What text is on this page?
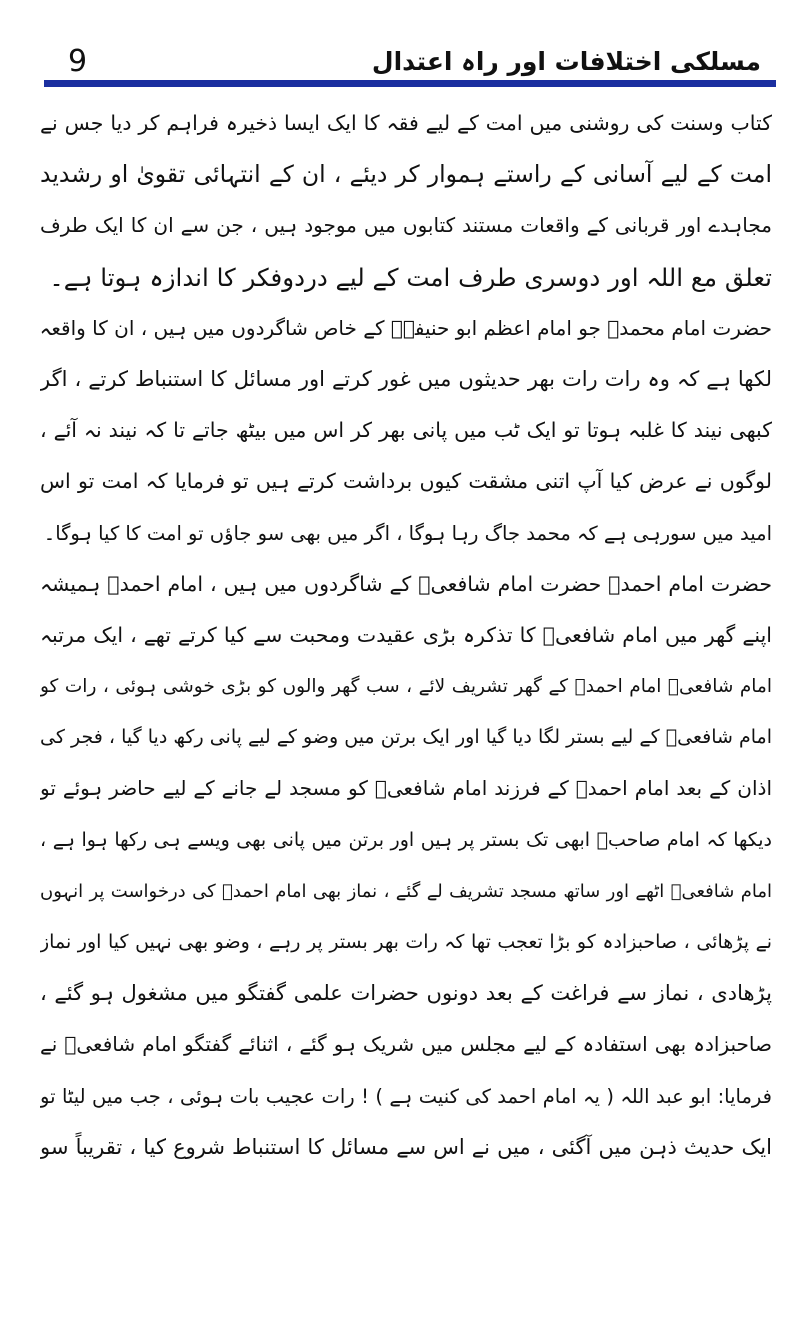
9	مسلکی اختلافات اور راہ اعتدال
کتاب وسنت کی روشنی میں امت کے لیے فقہ کا ایک ایسا ذخیرہ فراہم کر دیا جس نے
امت کے لیے آسانی کے راستے ہموار کر دیئے ، ان کے انتہائی تقویٰ او رشدید
مجاہدے اور قربانی کے واقعات مستند کتابوں میں موجود ہیں ، جن سے ان کا ایک طرف
تعلق مع اللہ اور دوسری طرف امت کے لیے دردوفکر کا اندازہ ہوتا ہے۔
حضرت امام محمدؒ جو امام اعظم ابو حنیفہؒ کے خاص شاگردوں میں ہیں ، ان کا واقعہ
لکھا ہے کہ وہ رات رات بھر حدیثوں میں غور کرتے اور مسائل کا استنباط کرتے ، اگر
کبھی نیند کا غلبہ ہوتا تو ایک ٹب میں پانی بھر کر اس میں بیٹھ جاتے تا کہ نیند نہ آئے ،
لوگوں نے عرض کیا آپ اتنی مشقت کیوں برداشت کرتے ہیں تو فرمایا کہ امت تو اس
امید میں سورہی ہے کہ محمد جاگ رہا ہوگا ، اگر میں بھی سو جاؤں تو امت کا کیا ہوگا۔
حضرت امام احمدؒ حضرت امام شافعیؒ کے شاگردوں میں ہیں ، امام احمدؒ ہمیشہ
اپنے گھر میں امام شافعیؒ کا تذکرہ بڑی عقیدت ومحبت سے کیا کرتے تھے ، ایک مرتبہ
امام شافعیؒ امام احمدؒ کے گھر تشریف لائے ، سب گھر والوں کو بڑی خوشی ہوئی ، رات کو
امام شافعیؒ کے لیے بستر لگا دیا گیا اور ایک برتن میں وضو کے لیے پانی رکھ دیا گیا ، فجر کی
اذان کے بعد امام احمدؒ کے فرزند امام شافعیؒ کو مسجد لے جانے کے لیے حاضر ہوئے تو
دیکھا کہ امام صاحبؒ ابھی تک بستر پر ہیں اور برتن میں پانی بھی ویسے ہی رکھا ہوا ہے ،
امام شافعیؒ اٹھے اور ساتھ مسجد تشریف لے گئے ، نماز بھی امام احمدؒ کی درخواست پر انہوں
نے پڑھائی ، صاحبزادہ کو بڑا تعجب تھا کہ رات بھر بستر پر رہے ، وضو بھی نہیں کیا اور نماز
پڑھادی ، نماز سے فراغت کے بعد دونوں حضرات علمی گفتگو میں مشغول ہو گئے ،
صاحبزادہ بھی استفادہ کے لیے مجلس میں شریک ہو گئے ، اثنائے گفتگو امام شافعیؒ نے
فرمایا: ابو عبد اللہ ( یہ امام احمد کی کنیت ہے ) ! رات عجیب بات ہوئی ، جب میں لیٹا تو
ایک حدیث ذہن میں آگئی ، میں نے اس سے مسائل کا استنباط شروع کیا ، تقریباً سو
